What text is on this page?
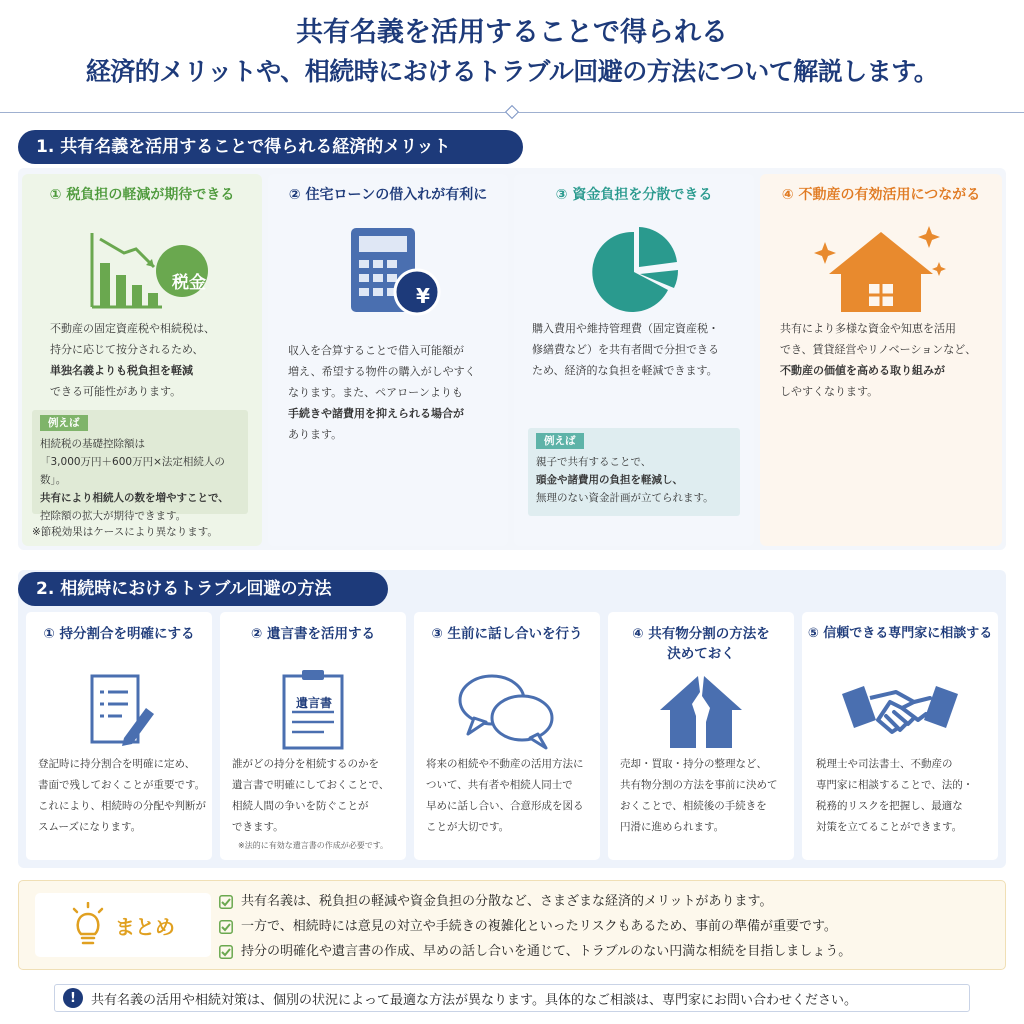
共有名義を活用することで得られる
経済的メリットや、相続時におけるトラブル回避の方法について解説します。
1. 共有名義を活用することで得られる経済的メリット
① 税負担の軽減が期待できる
税金
不動産の固定資産税や相続税は、
持分に応じて按分されるため、
単独名義よりも税負担を軽減
できる可能性があります。
例えば
相続税の基礎控除額は
「3,000万円＋600万円×法定相続人の数」。
共有により相続人の数を増やすことで、
控除額の拡大が期待できます。
※節税効果はケースにより異なります。
② 住宅ローンの借入れが有利に
¥
収入を合算することで借入可能額が
増え、希望する物件の購入がしやすく
なります。また、ペアローンよりも
手続きや諸費用を抑えられる場合が
あります。
③ 資金負担を分散できる
購入費用や維持管理費（固定資産税・
修繕費など）を共有者間で分担できる
ため、経済的な負担を軽減できます。
例えば
親子で共有することで、
頭金や諸費用の負担を軽減し、
無理のない資金計画が立てられます。
④ 不動産の有効活用につながる
共有により多様な資金や知恵を活用
でき、賃貸経営やリノベーションなど、
不動産の価値を高める取り組みが
しやすくなります。
2. 相続時におけるトラブル回避の方法
① 持分割合を明確にする
登記時に持分割合を明確に定め、
書面で残しておくことが重要です。
これにより、相続時の分配や判断が
スムーズになります。
② 遺言書を活用する
遺言書
誰がどの持分を相続するのかを
遺言書で明確にしておくことで、
相続人間の争いを防ぐことが
できます。
※法的に有効な遺言書の作成が必要です。
③ 生前に話し合いを行う
将来の相続や不動産の活用方法に
ついて、共有者や相続人同士で
早めに話し合い、合意形成を図る
ことが大切です。
④ 共有物分割の方法を
決めておく
売却・買取・持分の整理など、
共有物分割の方法を事前に決めて
おくことで、相続後の手続きを
円滑に進められます。
⑤ 信頼できる専門家に相談する
税理士や司法書士、不動産の
専門家に相談することで、法的・
税務的リスクを把握し、最適な
対策を立てることができます。
まとめ
共有名義は、税負担の軽減や資金負担の分散など、さまざまな経済的メリットがあります。
一方で、相続時には意見の対立や手続きの複雑化といったリスクもあるため、事前の準備が重要です。
持分の明確化や遺言書の作成、早めの話し合いを通じて、トラブルのない円満な相続を目指しましょう。
!	共有名義の活用や相続対策は、個別の状況によって最適な方法が異なります。具体的なご相談は、専門家にお問い合わせください。
